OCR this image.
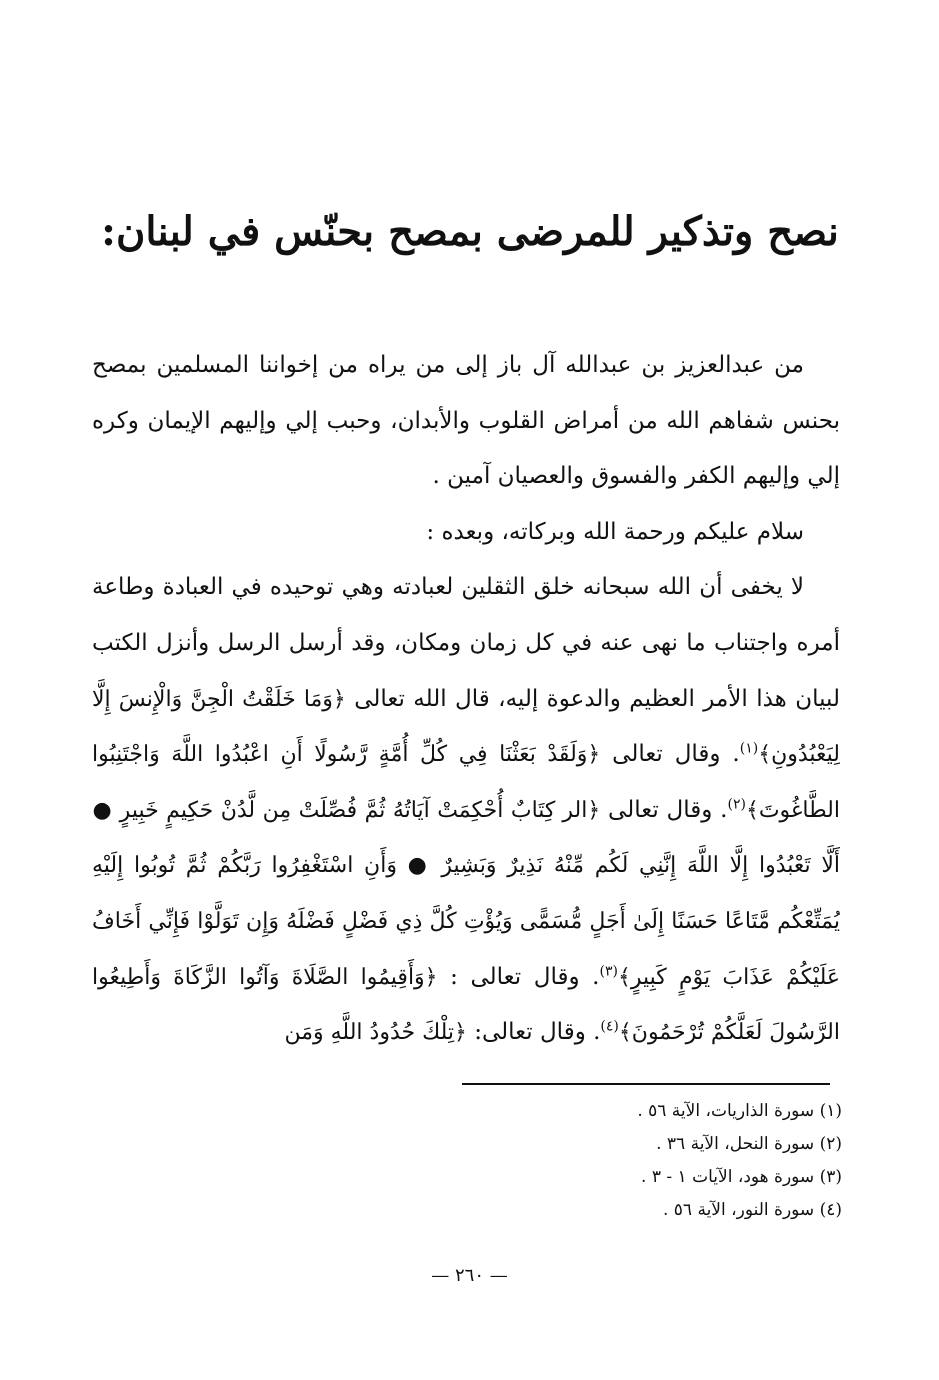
نصح وتذكير للمرضى بمصح بحنّس في لبنان:

من عبدالعزيز بن عبدالله آل باز إلى من يراه من إخواننا المسلمين بمصح بحنس شفاهم الله من أمراض القلوب والأبدان، وحبب إلي وإليهم الإيمان وكره إلي وإليهم الكفر والفسوق والعصيان آمين .

سلام عليكم ورحمة الله وبركاته، وبعده :

لا يخفى أن الله سبحانه خلق الثقلين لعبادته وهي توحيده في العبادة وطاعة أمره واجتناب ما نهى عنه في كل زمان ومكان، وقد أرسل الرسل وأنزل الكتب لبيان هذا الأمر العظيم والدعوة إليه، قال الله تعالى ﴿وَمَا خَلَقْتُ الْجِنَّ وَالْإِنسَ إِلَّا لِيَعْبُدُونِ﴾$^{(١)}$. وقال تعالى ﴿وَلَقَدْ بَعَثْنَا فِي كُلِّ أُمَّةٍ رَّسُولًا أَنِ اعْبُدُوا اللَّهَ وَاجْتَنِبُوا الطَّاغُوتَ﴾$^{(٢)}$. وقال تعالى ﴿الر كِتَابٌ أُحْكِمَتْ آيَاتُهُ ثُمَّ فُصِّلَتْ مِن لَّدُنْ حَكِيمٍ خَبِيرٍ ● أَلَّا تَعْبُدُوا إِلَّا اللَّهَ إِنَّنِي لَكُم مِّنْهُ نَذِيرٌ وَبَشِيرٌ ● وَأَنِ اسْتَغْفِرُوا رَبَّكُمْ ثُمَّ تُوبُوا إِلَيْهِ يُمَتِّعْكُم مَّتَاعًا حَسَنًا إِلَىٰ أَجَلٍ مُّسَمًّى وَيُؤْتِ كُلَّ ذِي فَضْلٍ فَضْلَهُ وَإِن تَوَلَّوْا فَإِنِّي أَخَافُ عَلَيْكُمْ عَذَابَ يَوْمٍ كَبِيرٍ﴾$^{(٣)}$. وقال تعالى : ﴿وَأَقِيمُوا الصَّلَاةَ وَآتُوا الزَّكَاةَ وَأَطِيعُوا الرَّسُولَ لَعَلَّكُمْ تُرْحَمُونَ﴾$^{(٤)}$. وقال تعالى: ﴿تِلْكَ حُدُودُ اللَّهِ وَمَن

(١) سورة الذاريات، الآية ٥٦ .
(٢) سورة النحل، الآية ٣٦ .
(٣) سورة هود، الآيات ١ - ٣ .
(٤) سورة النور، الآية ٥٦ .
— ٢٦٠ —
